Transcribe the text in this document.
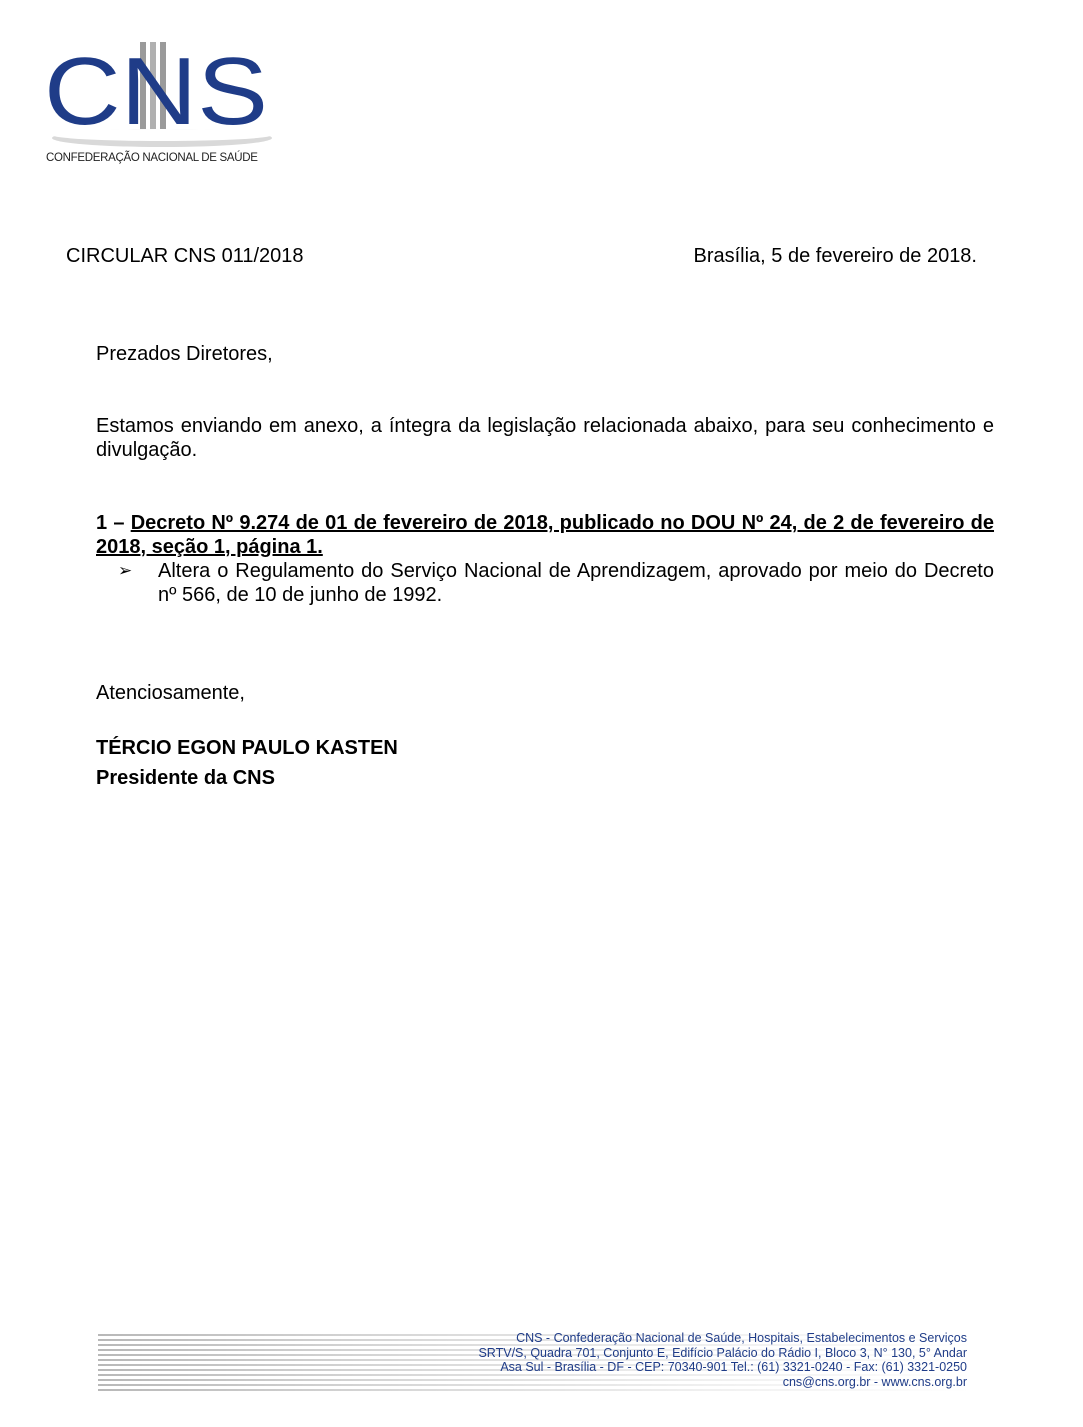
CNS
CONFEDERAÇÃO NACIONAL DE SAÚDE
CIRCULAR CNS 011/2018	Brasília, 5 de fevereiro de 2018.
Prezados Diretores,
Estamos enviando em anexo, a íntegra da legislação relacionada abaixo, para seu conhecimento e divulgação.
1 – Decreto Nº 9.274 de 01 de fevereiro de 2018, publicado no DOU Nº 24, de 2 de fevereiro de 2018, seção 1, página 1.
➢	Altera o Regulamento do Serviço Nacional de Aprendizagem, aprovado por meio do Decreto nº 566, de 10 de junho de 1992.
Atenciosamente,
TÉRCIO EGON PAULO KASTEN
Presidente da CNS
CNS - Confederação Nacional de Saúde, Hospitais, Estabelecimentos e Serviços
SRTV/S, Quadra 701, Conjunto E, Edifício Palácio do Rádio I, Bloco 3, N° 130, 5° Andar
Asa Sul - Brasília - DF - CEP: 70340-901 Tel.: (61) 3321-0240 - Fax: (61) 3321-0250
cns@cns.org.br - www.cns.org.br
